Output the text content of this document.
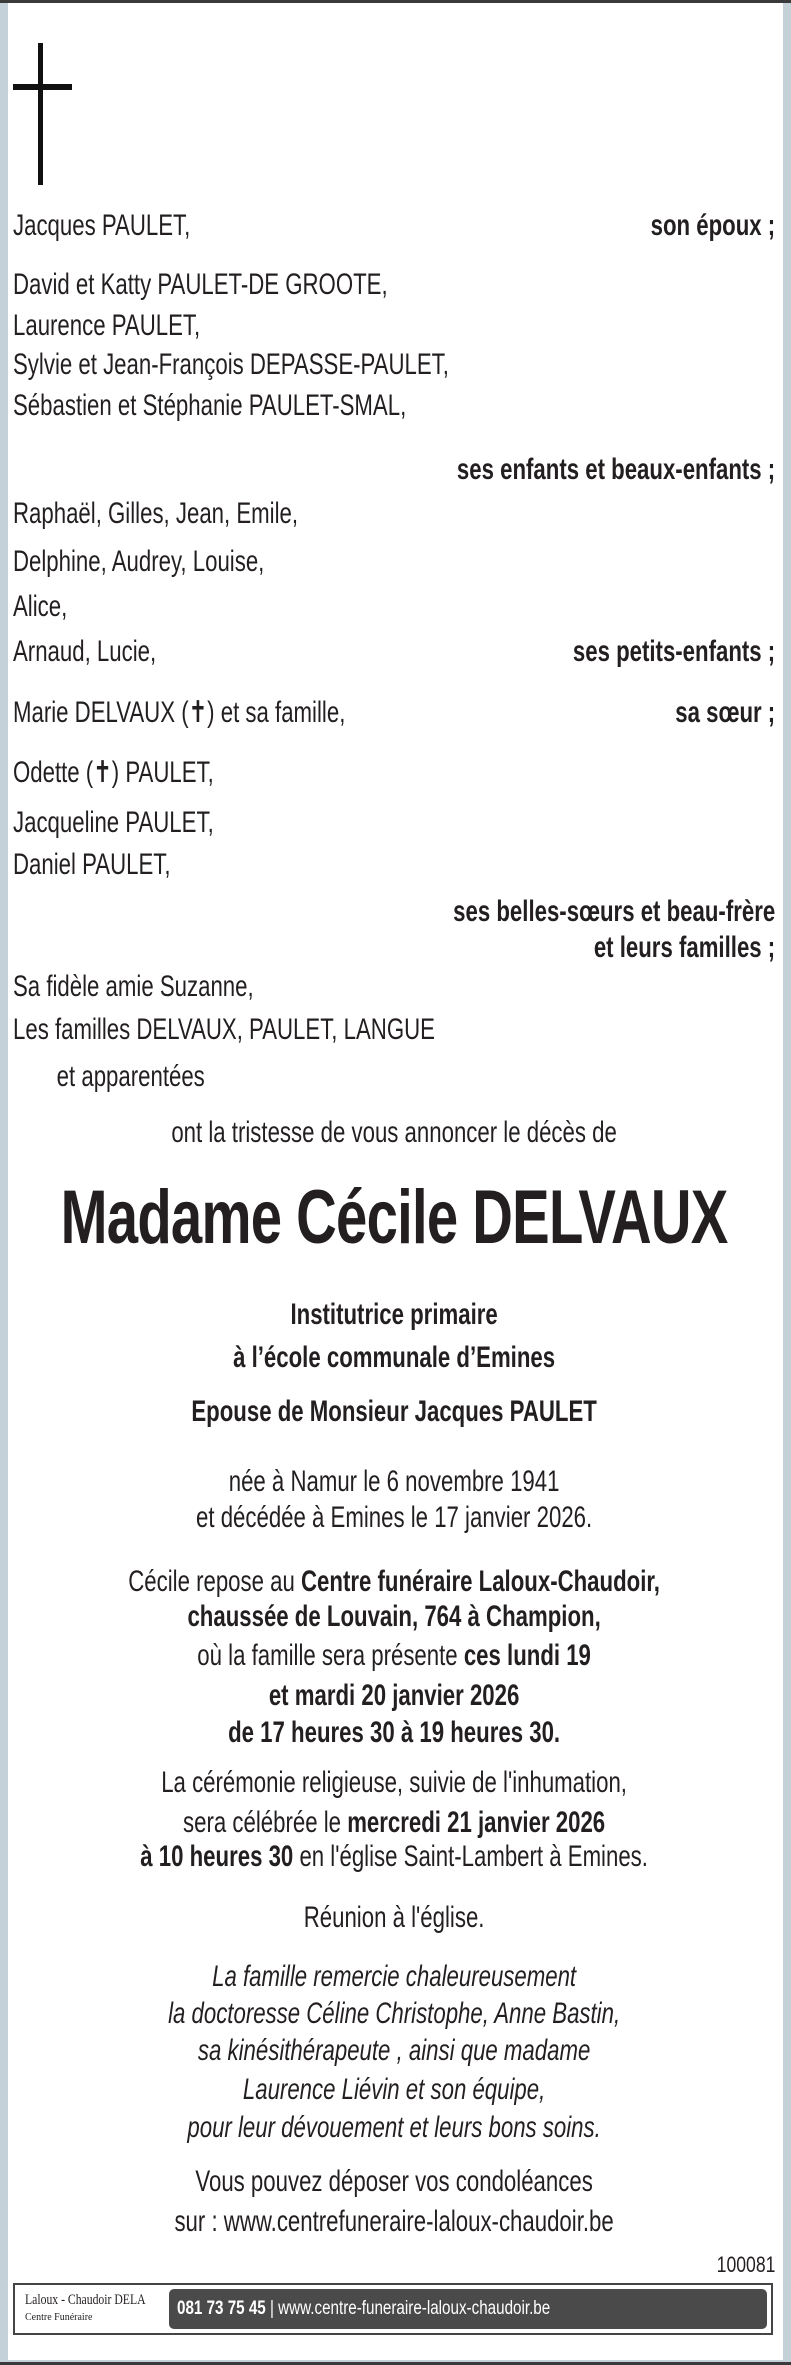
Jacques PAULET,	son époux ;
David et Katty PAULET-DE GROOTE,
Laurence PAULET,
Sylvie et Jean-François DEPASSE-PAULET,
Sébastien et Stéphanie PAULET-SMAL,
ses enfants et beaux-enfants ;
Raphaël, Gilles, Jean, Emile,
Delphine, Audrey, Louise,
Alice,
Arnaud, Lucie,	ses petits-enfants ;
Marie DELVAUX (✝) et sa famille,	sa sœur ;
Odette (✝) PAULET,
Jacqueline PAULET,
Daniel PAULET,
ses belles-sœurs et beau-frère
et leurs familles ;
Sa fidèle amie Suzanne,
Les familles DELVAUX, PAULET, LANGUE
et apparentées
ont la tristesse de vous annoncer le décès de
Madame Cécile DELVAUX
Institutrice primaire
à l’école communale d’Emines
Epouse de Monsieur Jacques PAULET
née à Namur le 6 novembre 1941
et décédée à Emines le 17 janvier 2026.
Cécile repose au Centre funéraire Laloux-Chaudoir,
chaussée de Louvain, 764 à Champion,
où la famille sera présente ces lundi 19
et mardi 20 janvier 2026
de 17 heures 30 à 19 heures 30.
La cérémonie religieuse, suivie de l'inhumation,
sera célébrée le mercredi 21 janvier 2026
à 10 heures 30 en l'église Saint-Lambert à Emines.
Réunion à l'église.
La famille remercie chaleureusement
la doctoresse Céline Christophe, Anne Bastin,
sa kinésithérapeute , ainsi que madame
Laurence Liévin et son équipe,
pour leur dévouement et leurs bons soins.
Vous pouvez déposer vos condoléances
sur : www.centrefuneraire-laloux-chaudoir.be
100081
Laloux - Chaudoir DELA
Centre Funéraire	081 73 75 45 | www.centre-funeraire-laloux-chaudoir.be
